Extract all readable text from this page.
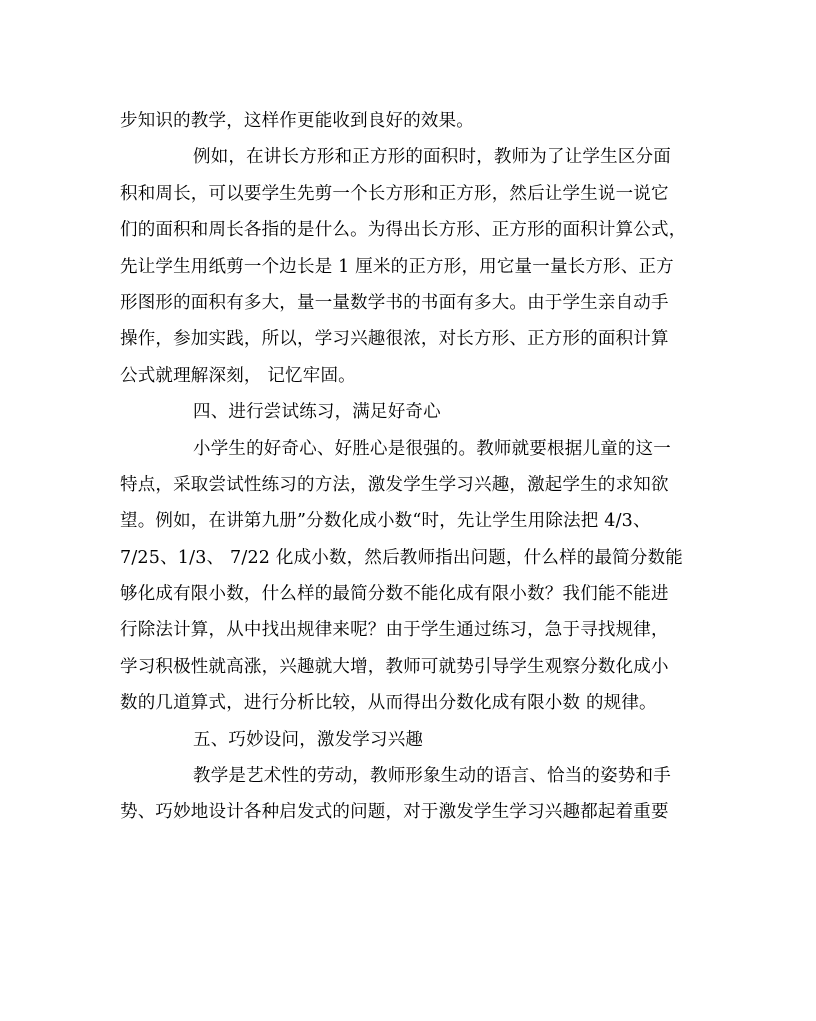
步知识的教学，这样作更能收到良好的效果。
例如，在讲长方形和正方形的面积时，教师为了让学生区分面
积和周长，可以要学生先剪一个长方形和正方形，然后让学生说一说它
们的面积和周长各指的是什么。为得出长方形、正方形的面积计算公式，
先让学生用纸剪一个边长是 1 厘米的正方形，用它量一量长方形、正方
形图形的面积有多大，量一量数学书的书面有多大。由于学生亲自动手
操作，参加实践，所以，学习兴趣很浓，对长方形、正方形的面积计算
公式就理解深刻， 记忆牢固。
四、进行尝试练习，满足好奇心
小学生的好奇心、好胜心是很强的。教师就要根据儿童的这一
特点，采取尝试性练习的方法，激发学生学习兴趣，激起学生的求知欲
望。例如，在讲第九册”分数化成小数“时，先让学生用除法把 4/3、
7/25、1/3、 7/22 化成小数，然后教师指出问题，什么样的最简分数能
够化成有限小数，什么样的最简分数不能化成有限小数？我们能不能进
行除法计算，从中找出规律来呢？由于学生通过练习，急于寻找规律，
学习积极性就高涨，兴趣就大增，教师可就势引导学生观察分数化成小
数的几道算式，进行分析比较，从而得出分数化成有限小数 的规律。
五、巧妙设问，激发学习兴趣
教学是艺术性的劳动，教师形象生动的语言、恰当的姿势和手
势、巧妙地设计各种启发式的问题，对于激发学生学习兴趣都起着重要
